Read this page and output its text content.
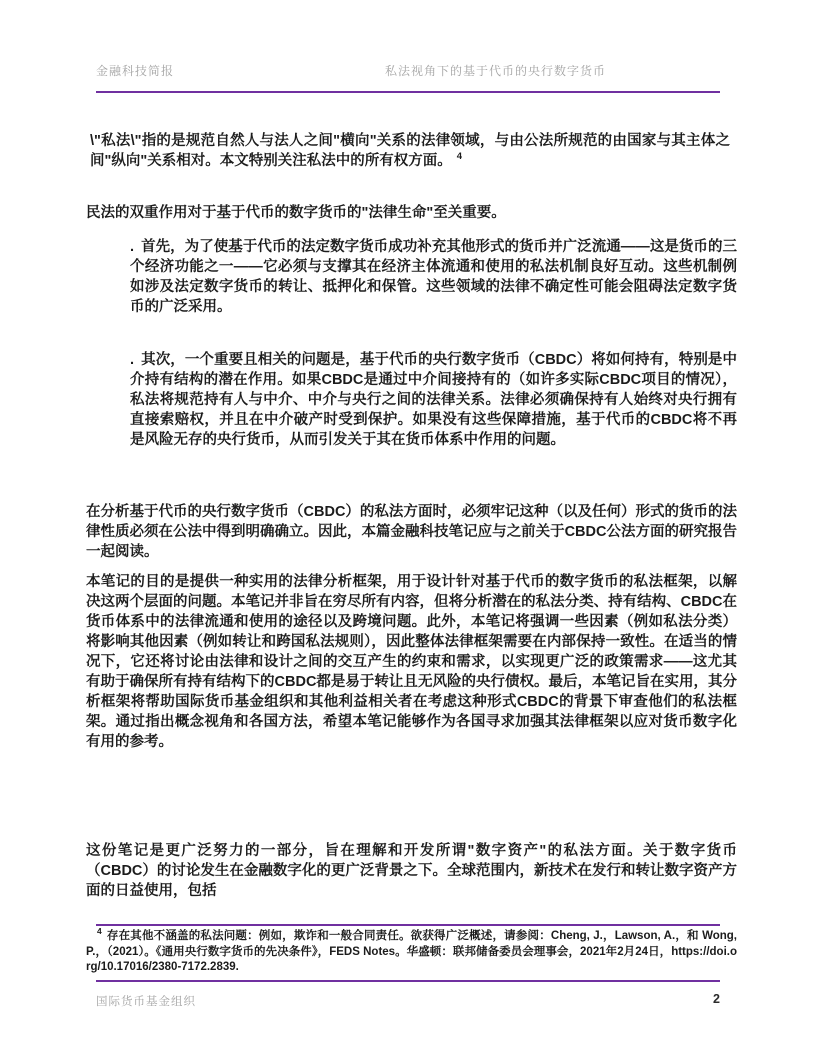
金融科技简报	私法视角下的基于代币的央行数字货币

\"私法\"指的是规范自然人与法人之间"横向"关系的法律领域，与由公法所规范的由国家与其主体之间"纵向"关系相对。本文特别关注私法中的所有权方面。 $^4$

民法的双重作用对于基于代币的数字货币的"法律生命"至关重要。

. 首先，为了使基于代币的法定数字货币成功补充其他形式的货币并广泛流通——这是货币的三个经济功能之一——它必须与支撑其在经济主体流通和使用的私法机制良好互动。这些机制例如涉及法定数字货币的转让、抵押化和保管。这些领域的法律不确定性可能会阻碍法定数字货币的广泛采用。

. 其次，一个重要且相关的问题是，基于代币的央行数字货币（CBDC）将如何持有，特别是中介持有结构的潜在作用。如果CBDC是通过中介间接持有的（如许多实际CBDC项目的情况），私法将规范持有人与中介、中介与央行之间的法律关系。法律必须确保持有人始终对央行拥有直接索赔权，并且在中介破产时受到保护。如果没有这些保障措施，基于代币的CBDC将不再是风险无存的央行货币，从而引发关于其在货币体系中作用的问题。

在分析基于代币的央行数字货币（CBDC）的私法方面时，必须牢记这种（以及任何）形式的货币的法律性质必须在公法中得到明确确立。因此，本篇金融科技笔记应与之前关于CBDC公法方面的研究报告一起阅读。

本笔记的目的是提供一种实用的法律分析框架，用于设计针对基于代币的数字货币的私法框架，以解决这两个层面的问题。本笔记并非旨在穷尽所有内容，但将分析潜在的私法分类、持有结构、CBDC在货币体系中的法律流通和使用的途径以及跨境问题。此外，本笔记将强调一些因素（例如私法分类）将影响其他因素（例如转让和跨国私法规则），因此整体法律框架需要在内部保持一致性。在适当的情况下，它还将讨论由法律和设计之间的交互产生的约束和需求，以实现更广泛的政策需求——这尤其有助于确保所有持有结构下的CBDC都是易于转让且无风险的央行债权。最后，本笔记旨在实用，其分析框架将帮助国际货币基金组织和其他利益相关者在考虑这种形式CBDC的背景下审查他们的私法框架。通过指出概念视角和各国方法，希望本笔记能够作为各国寻求加强其法律框架以应对货币数字化有用的参考。

这份笔记是更广泛努力的一部分，旨在理解和开发所谓"数字资产"的私法方面。关于数字货币（CBDC）的讨论发生在金融数字化的更广泛背景之下。全球范围内，新技术在发行和转让数字资产方面的日益使用，包括

$^4$ 存在其他不涵盖的私法问题：例如，欺诈和一般合同责任。欲获得广泛概述，请参阅：Cheng, J.，Lawson, A.，和 Wong, P.，（2021）。《通用央行数字货币的先决条件》，FEDS Notes。华盛顿：联邦储备委员会理事会，2021年2月24日，https://doi.org/10.17016/2380-7172.2839.

国际货币基金组织	2
